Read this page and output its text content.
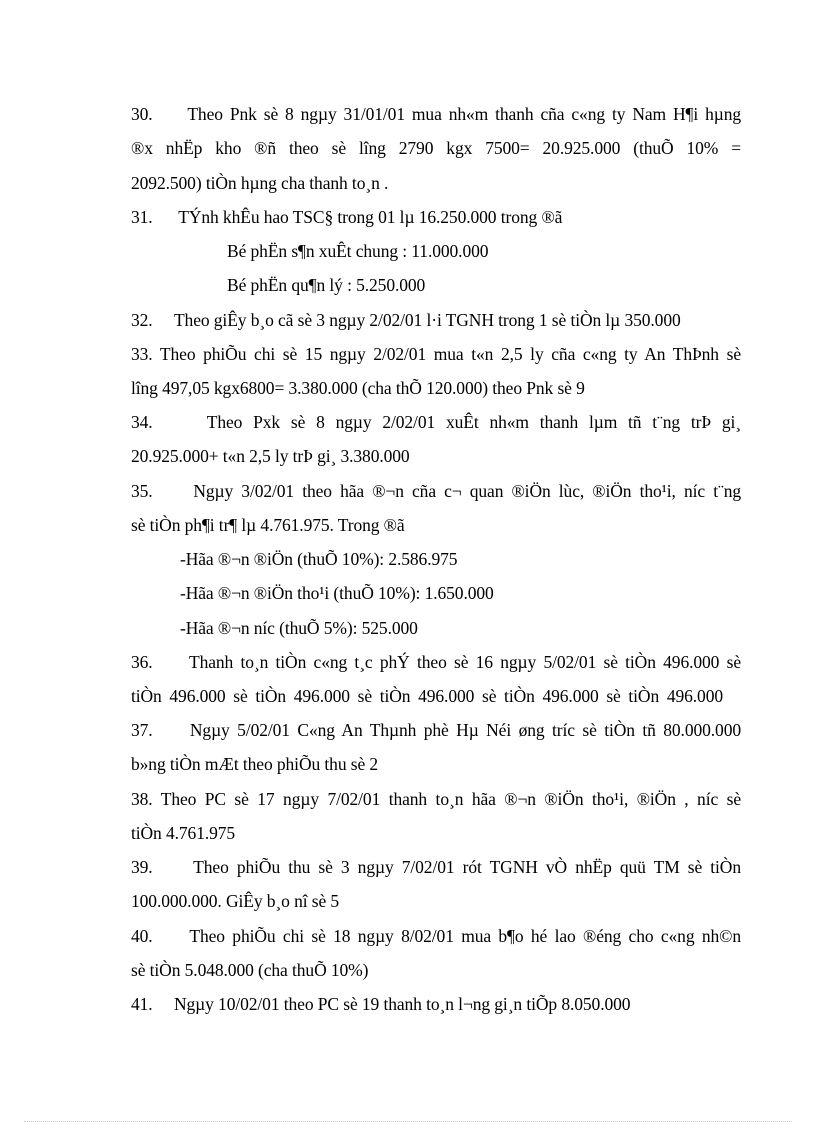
30.     Theo Pnk sè 8 ngµy 31/01/01 mua nh«m thanh cña c«ng ty Nam H¶i hµng
®x nhËp kho ®ñ theo sè lîng 2790 kgx 7500= 20.925.000 (thuÕ 10% =
2092.500) tiÒn hµng cha thanh to¸n .
31.      TÝnh khÊu hao TSC§ trong 01 lµ 16.250.000 trong ®ã
Bé phËn s¶n xuÊt chung : 11.000.000
Bé phËn qu¶n lý : 5.250.000
32.     Theo giÊy b¸o cã sè 3 ngµy 2/02/01 l·i TGNH trong 1 sè tiÒn lµ 350.000
33. Theo phiÕu chi sè 15 ngµy 2/02/01 mua t«n 2,5 ly cña c«ng ty An ThÞnh sè
lîng 497,05 kgx6800= 3.380.000 (cha thÕ 120.000) theo Pnk sè 9
34.     Theo Pxk sè 8 ngµy 2/02/01 xuÊt nh«m thanh lµm tñ t¨ng trÞ gi¸
20.925.000+ t«n 2,5 ly trÞ gi¸ 3.380.000
35.     Ngµy 3/02/01 theo hãa ®¬n cña c¬ quan ®iÖn lùc, ®iÖn tho¹i, níc t¨ng
sè tiÒn ph¶i tr¶ lµ 4.761.975. Trong ®ã
-Hãa ®¬n ®iÖn (thuÕ 10%): 2.586.975
-Hãa ®¬n ®iÖn tho¹i (thuÕ 10%): 1.650.000
-Hãa ®¬n níc (thuÕ 5%): 525.000
36.     Thanh to¸n tiÒn c«ng t¸c phÝ theo sè 16 ngµy 5/02/01 sè tiÒn 496.000 sè
tiÒn 496.000 sè tiÒn 496.000 sè tiÒn 496.000 sè tiÒn 496.000 sè tiÒn 496.000
37.     Ngµy 5/02/01 C«ng An Thµnh phè Hµ Néi øng tríc sè tiÒn tñ 80.000.000
b»ng tiÒn mÆt theo phiÕu thu sè 2
38. Theo PC sè 17 ngµy 7/02/01 thanh to¸n hãa ®¬n ®iÖn tho¹i, ®iÖn , níc sè
tiÒn 4.761.975
39.     Theo phiÕu thu sè 3 ngµy 7/02/01 rót TGNH vÒ nhËp quü TM sè tiÒn
100.000.000. GiÊy b¸o nî sè 5
40.     Theo phiÕu chi sè 18 ngµy 8/02/01 mua b¶o hé lao ®éng cho c«ng nh©n
sè tiÒn 5.048.000 (cha thuÕ 10%)
41.     Ngµy 10/02/01 theo PC sè 19 thanh to¸n l¬ng gi¸n tiÕp 8.050.000
